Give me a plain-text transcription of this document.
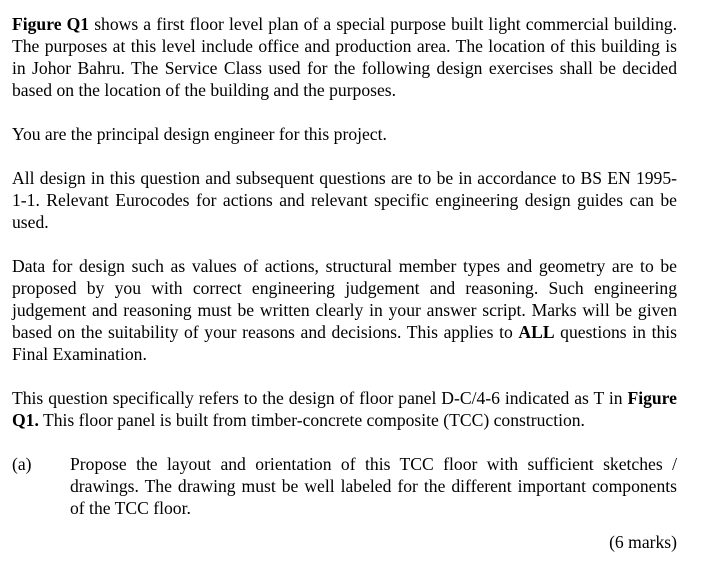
Figure Q1 shows a first floor level plan of a special purpose built light commercial building. The purposes at this level include office and production area. The location of this building is in Johor Bahru. The Service Class used for the following design exercises shall be decided based on the location of the building and the purposes.

You are the principal design engineer for this project.

All design in this question and subsequent questions are to be in accordance to BS EN 1995-1-1. Relevant Eurocodes for actions and relevant specific engineering design guides can be used.

Data for design such as values of actions, structural member types and geometry are to be proposed by you with correct engineering judgement and reasoning. Such engineering judgement and reasoning must be written clearly in your answer script. Marks will be given based on the suitability of your reasons and decisions. This applies to ALL questions in this Final Examination.

This question specifically refers to the design of floor panel D-C/4-6 indicated as T in Figure Q1. This floor panel is built from timber-concrete composite (TCC) construction.

(a)	Propose the layout and orientation of this TCC floor with sufficient sketches / drawings. The drawing must be well labeled for the different important components of the TCC floor.
(6 marks)
